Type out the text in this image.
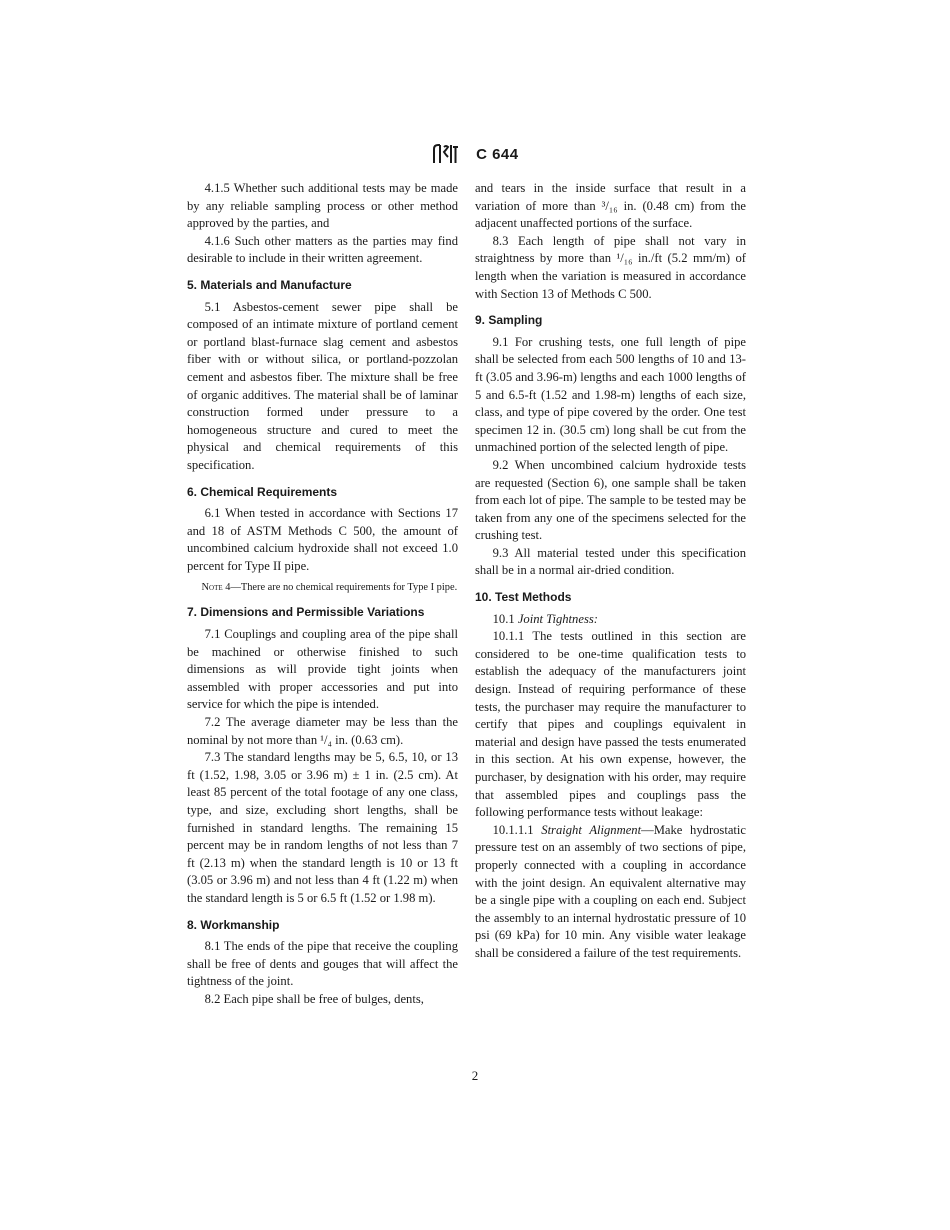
C 644

4.1.5 Whether such additional tests may be made by any reliable sampling process or other method approved by the parties, and

4.1.6 Such other matters as the parties may find desirable to include in their written agreement.

5. Materials and Manufacture

5.1 Asbestos-cement sewer pipe shall be composed of an intimate mixture of portland cement or portland blast-furnace slag cement and asbestos fiber with or without silica, or portland-pozzolan cement and asbestos fiber. The mixture shall be free of organic additives. The material shall be of laminar construction formed under pressure to a homogeneous structure and cured to meet the physical and chemical requirements of this specification.

6. Chemical Requirements

6.1 When tested in accordance with Sections 17 and 18 of ASTM Methods C 500, the amount of uncombined calcium hydroxide shall not exceed 1.0 percent for Type II pipe.

Note 4—There are no chemical requirements for Type I pipe.
7. Dimensions and Permissible Variations

7.1 Couplings and coupling area of the pipe shall be machined or otherwise finished to such dimensions as will provide tight joints when assembled with proper accessories and put into service for which the pipe is intended.

7.2 The average diameter may be less than the nominal by not more than ¹/₄ in. (0.63 cm).

7.3 The standard lengths may be 5, 6.5, 10, or 13 ft (1.52, 1.98, 3.05 or 3.96 m) ± 1 in. (2.5 cm). At least 85 percent of the total footage of any one class, type, and size, excluding short lengths, shall be furnished in standard lengths. The remaining 15 percent may be in random lengths of not less than 7 ft (2.13 m) when the standard length is 10 or 13 ft (3.05 or 3.96 m) and not less than 4 ft (1.22 m) when the standard length is 5 or 6.5 ft (1.52 or 1.98 m).

8. Workmanship

8.1 The ends of the pipe that receive the coupling shall be free of dents and gouges that will affect the tightness of the joint.

8.2 Each pipe shall be free of bulges, dents,

and tears in the inside surface that result in a variation of more than ³/₁₆ in. (0.48 cm) from the adjacent unaffected portions of the surface.

8.3 Each length of pipe shall not vary in straightness by more than ¹/₁₆ in./ft (5.2 mm/m) of length when the variation is measured in accordance with Section 13 of Methods C 500.

9. Sampling

9.1 For crushing tests, one full length of pipe shall be selected from each 500 lengths of 10 and 13-ft (3.05 and 3.96-m) lengths and each 1000 lengths of 5 and 6.5-ft (1.52 and 1.98-m) lengths of each size, class, and type of pipe covered by the order. One test specimen 12 in. (30.5 cm) long shall be cut from the unmachined portion of the selected length of pipe.

9.2 When uncombined calcium hydroxide tests are requested (Section 6), one sample shall be taken from each lot of pipe. The sample to be tested may be taken from any one of the specimens selected for the crushing test.

9.3 All material tested under this specification shall be in a normal air-dried condition.

10. Test Methods

10.1 Joint Tightness:

10.1.1 The tests outlined in this section are considered to be one-time qualification tests to establish the adequacy of the manufacturers joint design. Instead of requiring performance of these tests, the purchaser may require the manufacturer to certify that pipes and couplings equivalent in material and design have passed the tests enumerated in this section. At his own expense, however, the purchaser, by designation with his order, may require that assembled pipes and couplings pass the following performance tests without leakage:

10.1.1.1 Straight Alignment—Make hydrostatic pressure test on an assembly of two sections of pipe, properly connected with a coupling in accordance with the joint design. An equivalent alternative may be a single pipe with a coupling on each end. Subject the assembly to an internal hydrostatic pressure of 10 psi (69 kPa) for 10 min. Any visible water leakage shall be considered a failure of the test requirements.

2
